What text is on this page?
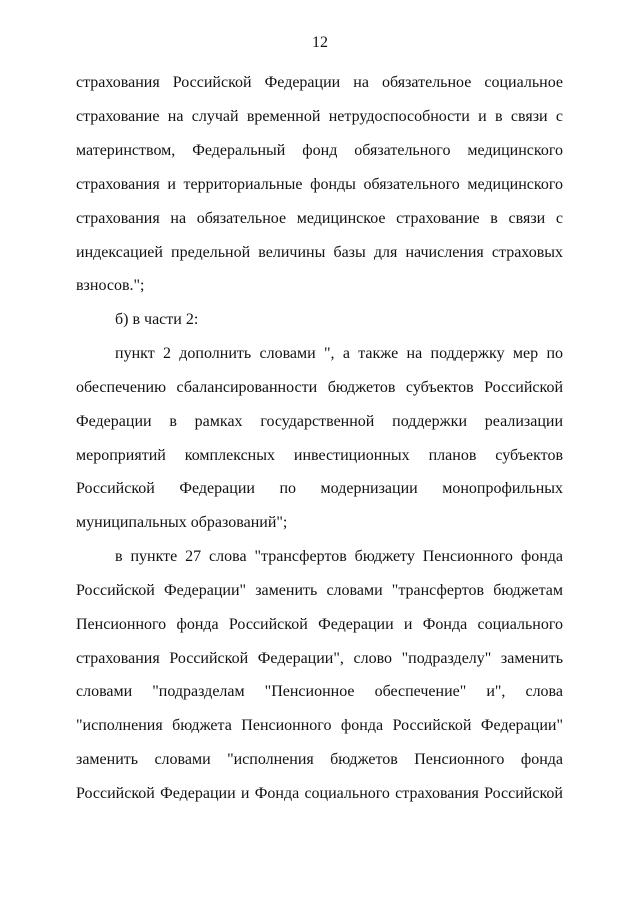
12
страхования Российской Федерации на обязательное социальное
страхование на случай временной нетрудоспособности и в связи с
материнством, Федеральный фонд обязательного медицинского
страхования и территориальные фонды обязательного медицинского
страхования на обязательное медицинское страхование в связи с
индексацией предельной величины базы для начисления страховых
взносов.";
б) в части 2:
пункт 2 дополнить словами ", а также на поддержку мер по
обеспечению сбалансированности бюджетов субъектов Российской
Федерации в рамках государственной поддержки реализации
мероприятий комплексных инвестиционных планов субъектов
Российской Федерации по модернизации монопрофильных
муниципальных образований";
в пункте 27 слова "трансфертов бюджету Пенсионного фонда
Российской Федерации" заменить словами "трансфертов бюджетам
Пенсионного фонда Российской Федерации и Фонда социального
страхования Российской Федерации", слово "подразделу" заменить
словами "подразделам "Пенсионное обеспечение" и", слова
"исполнения бюджета Пенсионного фонда Российской Федерации"
заменить словами "исполнения бюджетов Пенсионного фонда
Российской Федерации и Фонда социального страхования Российской
